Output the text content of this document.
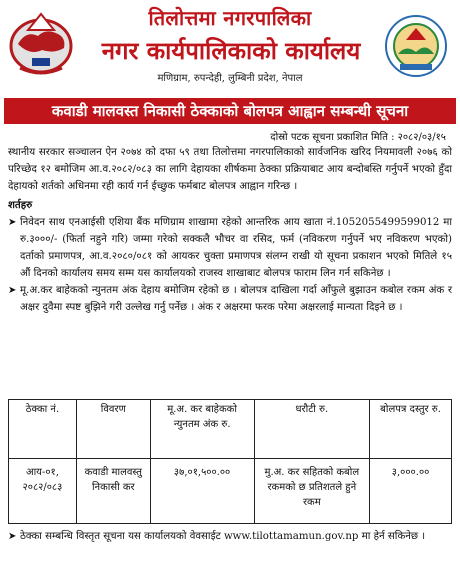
तिलोत्तमा नगरपालिका
नगर कार्यपालिकाको कार्यालय
मणिग्राम, रुपन्देही, लुम्बिनी प्रदेश, नेपाल
कवाडी मालवस्त निकासी ठेक्काको बोलपत्र आह्वान सम्बन्धी सूचना
दोस्रो पटक सूचना प्रकाशित मिति : २०८२/०३/१५

स्थानीय सरकार सञ्चालन ऐन २०७४ को दफा ५९ तथा तिलोत्तमा नगरपालिकाको सार्वजनिक खरिद नियमावली २०७६ को परिच्छेद १२ बमोजिम आ.व.२०८२/०८३ का लागि देहायका शीर्षकमा ठेक्का प्रक्रियाबाट आय बन्दोबस्ति गर्नुपर्ने भएको हुँदा देहायको शर्तको अधिनमा रही कार्य गर्न ईच्छुक फर्मबाट बोलपत्र आह्वान गरिन्छ ।

शर्तहरु

➤ निवेदन साथ एनआईसी एशिया बैंक मणिग्राम शाखामा रहेको आन्तरिक आय खाता नं.1052055499599012 मा रु.३०००/- (फिर्ता नहुने गरि) जम्मा गरेको सक्कलै भौचर वा रसिद, फर्म (नविकरण गर्नुपर्ने भए नविकरण भएको) दर्ताको प्रमाणपत्र, आ.व.२०८०/०८१ को आयकर चुक्ता प्रमाणपत्र संलग्न राखी यो सूचना प्रकाशन भएको मितिले १५ औं दिनको कार्यालय समय सम्म यस कार्यालयको राजस्व शाखाबाट बोलपत्र फाराम लिन गर्न सकिनेछ ।

➤ मू.अ.कर बाहेकको न्युनतम अंक देहाय बमोजिम रहेको छ । बोलपत्र दाखिला गर्दा आँफुले बुझाउन कबोल रकम अंक र अक्षर दुवैमा स्पष्ट बुझिने गरी उल्लेख गर्नु पर्नेछ । अंक र अक्षरमा फरक परेमा अक्षरलाई मान्यता दिइने छ ।

ठेक्का नं.	विवरण	मू.अ. कर बाहेकको न्युनतम अंक रु.	धरौटी रु.	बोलपत्र दस्तुर रु.
आय-०१, २०८२/०८३	कवाडी मालवस्तु निकासी कर	३७,०१,५००.००	मु.अ. कर सहितको कबोल रकमको छ प्रतिशतले हुने रकम	३,०००.००

➤ ठेक्का सम्बन्धि विस्तृत सूचना यस कार्यालयको वेवसाईट www.tilottamamun.gov.np मा हेर्न सकिनेछ ।
